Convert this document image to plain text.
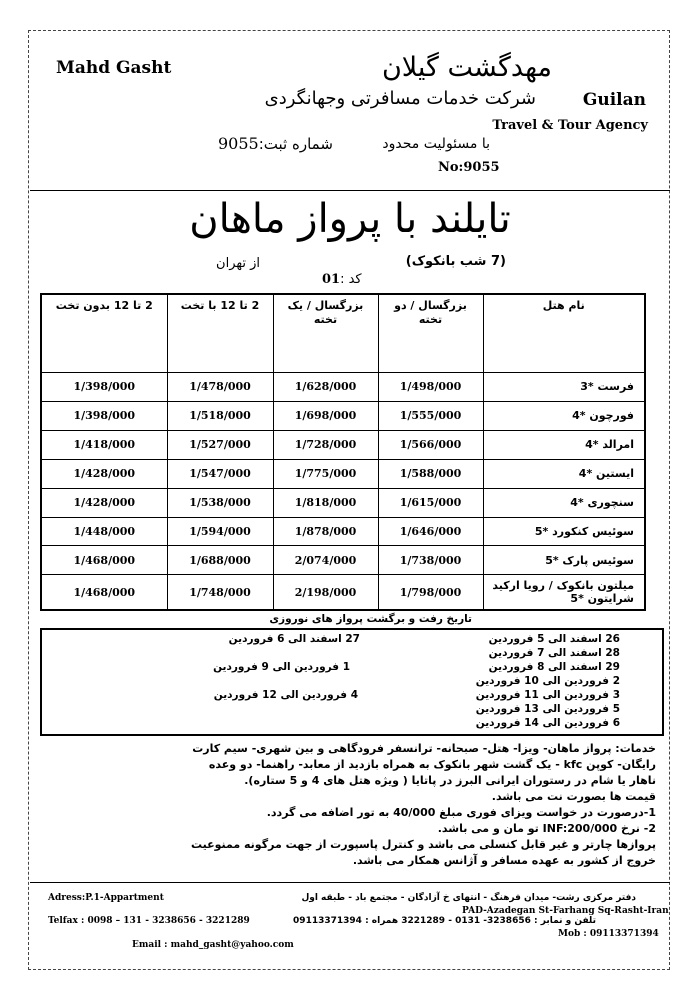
Mahd Gasht	مهدگشت گیلان
Guilan
شرکت خدمات مسافرتی وجهانگردی
Travel & Tour Agency
با مسئولیت محدود
شماره ثبت:9055
No:9055
تایلند با پرواز ماهان
(7 شب بانکوک)
از تهران
کد :01
نام هتل	بزرگسال / دو تخته	بزرگسال / یک تخته	2 تا 12 با تخت	2 تا 12 بدون تخت
فرست *3	1/498/000	1/628/000	1/478/000	1/398/000
فورچون *4	1/555/000	1/698/000	1/518/000	1/398/000
امرالد *4	1/566/000	1/728/000	1/527/000	1/418/000
ایستین *4	1/588/000	1/775/000	1/547/000	1/428/000
سنچوری *4	1/615/000	1/818/000	1/538/000	1/428/000
سوئیس کنکورد *5	1/646/000	1/878/000	1/594/000	1/448/000
سوئیس پارک *5	1/738/000	2/074/000	1/688/000	1/468/000
میلتون بانکوک / رویا ارکید شرایتون *5	1/798/000	2/198/000	1/748/000	1/468/000
تاریخ رفت و برگشت پرواز های نوروزی
26 اسفند الی 5 فروردین
28 اسفند الی 7 فروردین
29 اسفند الی 8 فروردین
2 فروردین الی 10 فروردین
3 فروردین الی 11 فروردین
5 فروردین الی 13 فروردین
6 فروردین الی 14 فروردین
27 اسفند الی 6 فروردین
1 فروردین الی 9 فروردین
4 فروردین الی 12 فروردین
خدمات: پرواز ماهان- ویزا- هتل- صبحانه- ترانسفر فرودگاهی و بین شهری- سیم کارت
رایگان- کوپن kfc - یک گشت شهر بانکوک به همراه بازدید از معابد- راهنما- دو وعده
ناهار یا شام در رستوران ایرانی البرز در پاتایا ( ویژه هتل های 4 و 5 ستاره).
قیمت ها بصورت نت می باشد.
1-درصورت در خواست ویزای فوری مبلغ 40/000 به تور اضافه می گردد.
2- نرخ INF:200/000 تو مان و می باشد.
پروازها چارتر و غیر قابل کنسلی می باشد و کنترل پاسپورت از جهت مرگونه ممنوعیت
خروج از کشور به عهده مسافر و آژانس همکار می باشد.
دفتر مرکزی رشت- میدان فرهنگ - انتهای خ آزادگان - مجتمع باد - طبقه اول
Adress:P.1-Appartment
PAD-Azadegan St-Farhang Sq-Rasht-Iran
تلفن و نمابر : 3238656- 0131 - 3221289 همراه : 09113371394
Telfax : 0098 – 131 - 3238656 - 3221289
Mob : 09113371394
Email : mahd_gasht@yahoo.com
